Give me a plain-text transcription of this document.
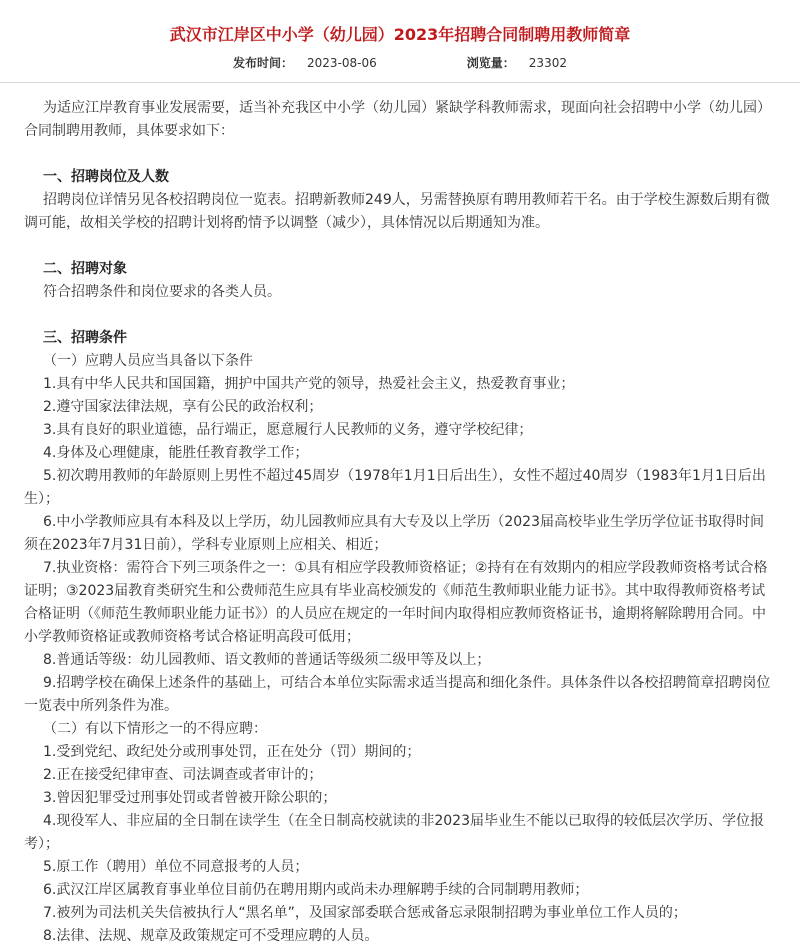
武汉市江岸区中小学（幼儿园）2023年招聘合同制聘用教师简章
发布时间： 2023-08-06	浏览量： 23302

为适应江岸教育事业发展需要，适当补充我区中小学（幼儿园）紧缺学科教师需求，现面向社会招聘中小学（幼儿园）合同制聘用教师，具体要求如下：

一、招聘岗位及人数

招聘岗位详情另见各校招聘岗位一览表。招聘新教师249人，另需替换原有聘用教师若干名。由于学校生源数后期有微调可能，故相关学校的招聘计划将酌情予以调整（减少），具体情况以后期通知为准。

二、招聘对象

符合招聘条件和岗位要求的各类人员。

三、招聘条件

（一）应聘人员应当具备以下条件

1.具有中华人民共和国国籍，拥护中国共产党的领导，热爱社会主义，热爱教育事业；

2.遵守国家法律法规，享有公民的政治权利；

3.具有良好的职业道德，品行端正，愿意履行人民教师的义务，遵守学校纪律；

4.身体及心理健康，能胜任教育教学工作；

5.初次聘用教师的年龄原则上男性不超过45周岁（1978年1月1日后出生），女性不超过40周岁（1983年1月1日后出生）；

6.中小学教师应具有本科及以上学历，幼儿园教师应具有大专及以上学历（2023届高校毕业生学历学位证书取得时间须在2023年7月31日前），学科专业原则上应相关、相近；

7.执业资格：需符合下列三项条件之一：①具有相应学段教师资格证；②持有在有效期内的相应学段教师资格考试合格证明；③2023届教育类研究生和公费师范生应具有毕业高校颁发的《师范生教师职业能力证书》。其中取得教师资格考试合格证明（《师范生教师职业能力证书》）的人员应在规定的一年时间内取得相应教师资格证书，逾期将解除聘用合同。中小学教师资格证或教师资格考试合格证明高段可低用；

8.普通话等级：幼儿园教师、语文教师的普通话等级须二级甲等及以上；

9.招聘学校在确保上述条件的基础上，可结合本单位实际需求适当提高和细化条件。具体条件以各校招聘简章招聘岗位一览表中所列条件为准。

（二）有以下情形之一的不得应聘：

1.受到党纪、政纪处分或刑事处罚，正在处分（罚）期间的；

2.正在接受纪律审查、司法调查或者审计的；

3.曾因犯罪受过刑事处罚或者曾被开除公职的；

4.现役军人、非应届的全日制在读学生（在全日制高校就读的非2023届毕业生不能以已取得的较低层次学历、学位报考）；

5.原工作（聘用）单位不同意报考的人员；

6.武汉江岸区属教育事业单位目前仍在聘用期内或尚未办理解聘手续的合同制聘用教师；

7.被列为司法机关失信被执行人“黑名单”，及国家部委联合惩戒备忘录限制招聘为事业单位工作人员的；

8.法律、法规、规章及政策规定可不受理应聘的人员。
